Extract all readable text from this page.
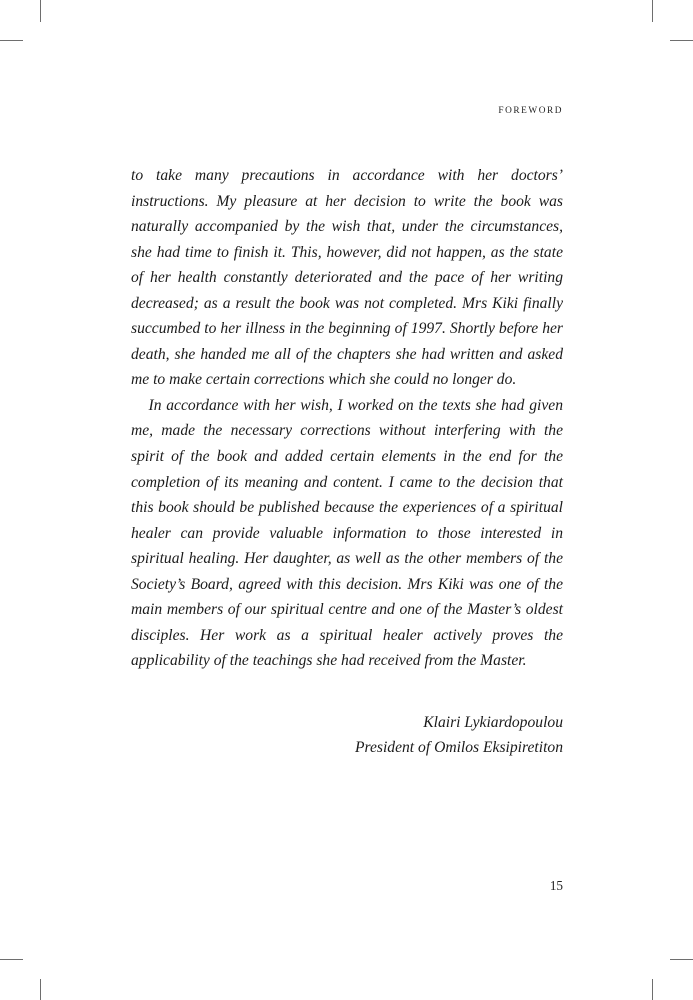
FOREWORD

to take many precautions in accordance with her doctors’ instructions. My pleasure at her decision to write the book was naturally accompanied by the wish that, under the circumstances, she had time to finish it. This, however, did not happen, as the state of her health constantly deteriorated and the pace of her writing decreased; as a result the book was not completed. Mrs Kiki finally succumbed to her illness in the beginning of 1997. Shortly before her death, she handed me all of the chapters she had written and asked me to make certain corrections which she could no longer do.

In accordance with her wish, I worked on the texts she had given me, made the necessary corrections without interfering with the spirit of the book and added certain elements in the end for the completion of its meaning and content. I came to the decision that this book should be published because the experiences of a spiritual healer can provide valuable information to those interested in spiritual healing. Her daughter, as well as the other members of the Society’s Board, agreed with this decision. Mrs Kiki was one of the main members of our spiritual centre and one of the Master’s oldest disciples. Her work as a spiritual healer actively proves the applicability of the teachings she had received from the Master.

Klairi Lykiardopoulou
President of Omilos Eksipiretiton
15
